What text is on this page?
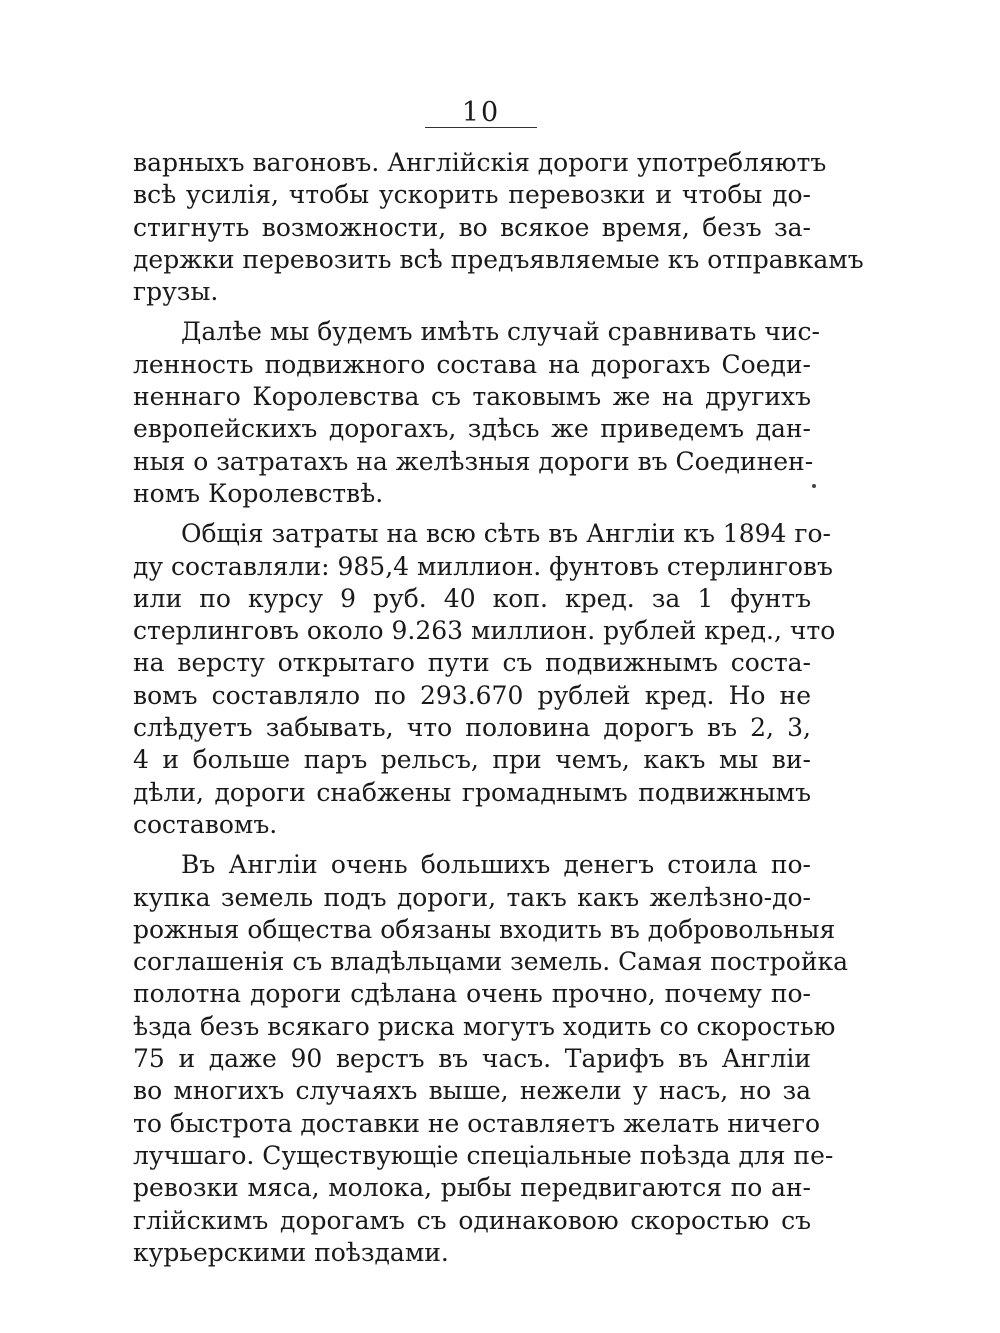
10
варныхъ вагоновъ. Англійскія дороги употребляютъ
всѣ усилія, чтобы ускорить перевозки и чтобы до-
стигнуть возможности, во всякое время, безъ за-
держки перевозить всѣ предъявляемые къ отправкамъ
грузы.
Далѣе мы будемъ имѣть случай сравнивать чис-
ленность подвижного состава на дорогахъ Соеди-
неннаго Королевства съ таковымъ же на другихъ
европейскихъ дорогахъ, здѣсь же приведемъ дан-
ныя о затратахъ на желѣзныя дороги въ Соединен-
номъ Королевствѣ.
Общія затраты на всю сѣть въ Англіи къ 1894 го-
ду составляли: 985,4 миллион. фунтовъ стерлинговъ
или по курсу 9 руб. 40 коп. кред. за 1 фунтъ
стерлинговъ около 9.263 миллион. рублей кред., что
на версту открытаго пути съ подвижнымъ соста-
вомъ составляло по 293.670 рублей кред. Но не
слѣдуетъ забывать, что половина дорогъ въ 2, 3,
4 и больше паръ рельсъ, при чемъ, какъ мы ви-
дѣли, дороги снабжены громаднымъ подвижнымъ
составомъ.
Въ Англіи очень большихъ денегъ стоила по-
купка земель подъ дороги, такъ какъ желѣзно-до-
рожныя общества обязаны входить въ добровольныя
соглашенія съ владѣльцами земель. Самая постройка
полотна дороги сдѣлана очень прочно, почему по-
ѣзда безъ всякаго риска могутъ ходить со скоростью
75 и даже 90 верстъ въ часъ. Тарифъ въ Англіи
во многихъ случаяхъ выше, нежели у насъ, но за
то быстрота доставки не оставляетъ желать ничего
лучшаго. Существующіе спеціальные поѣзда для пе-
ревозки мяса, молока, рыбы передвигаются по ан-
глійскимъ дорогамъ съ одинаковою скоростью съ
курьерскими поѣздами.
